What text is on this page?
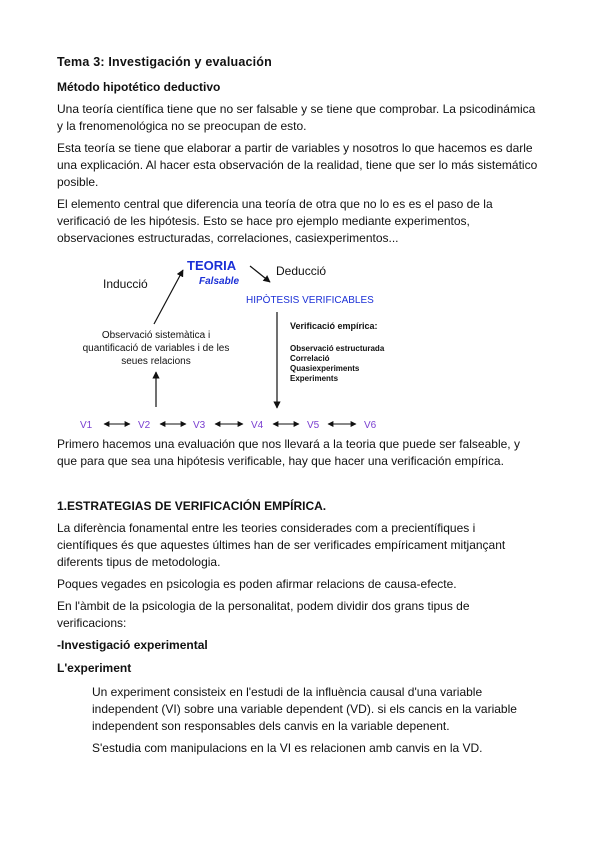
Tema 3: Investigación y evaluación
Método hipotético deductivo
Una teoría científica tiene que no ser falsable y se tiene que comprobar. La psicodinámica
y la frenomenológica no se preocupan de esto.
Esta teoría se tiene que elaborar a partir de variables y nosotros lo que hacemos es darle
una explicación. Al hacer esta observación de la realidad, tiene que ser lo más sistemático
posible.
El elemento central que diferencia una teoría de otra que no lo es es el paso de la
verificació de les hipótesis. Esto se hace pro ejemplo mediante experimentos,
observaciones estructuradas, correlaciones, casiexperimentos...
TEORIA
Falsable
Inducció
Deducció
HIPÒTESIS VERIFICABLES
Observació sistemàtica i
quantificació de variables i de les
seues relacions
Verificació empírica:
Observació estructurada
Correlació
Quasiexperiments
Experiments
V1	V2	V3	V4	V5	V6
Primero hacemos una evaluación que nos llevará a la teoria que puede ser falseable, y
que para que sea una hipótesis verificable, hay que hacer una verificación empírica.
1.ESTRATEGIAS DE VERIFICACIÓN EMPÍRICA.
La diferència fonamental entre les teories considerades com a precientífiques i
científiques és que aquestes últimes han de ser verificades empíricament mitjançant
diferents tipus de metodologia.
Poques vegades en psicologia es poden afirmar relacions de causa-efecte.
En l'àmbit de la psicologia de la personalitat, podem dividir dos grans tipus de
verificacions:
-Investigació experimental
L'experiment
Un experiment consisteix en l'estudi de la influència causal d'una variable
independent (VI) sobre una variable dependent (VD). si els cancis en la variable
independent son responsables dels canvis en la variable depenent.
S'estudia com manipulacions en la VI es relacionen amb canvis en la VD.
